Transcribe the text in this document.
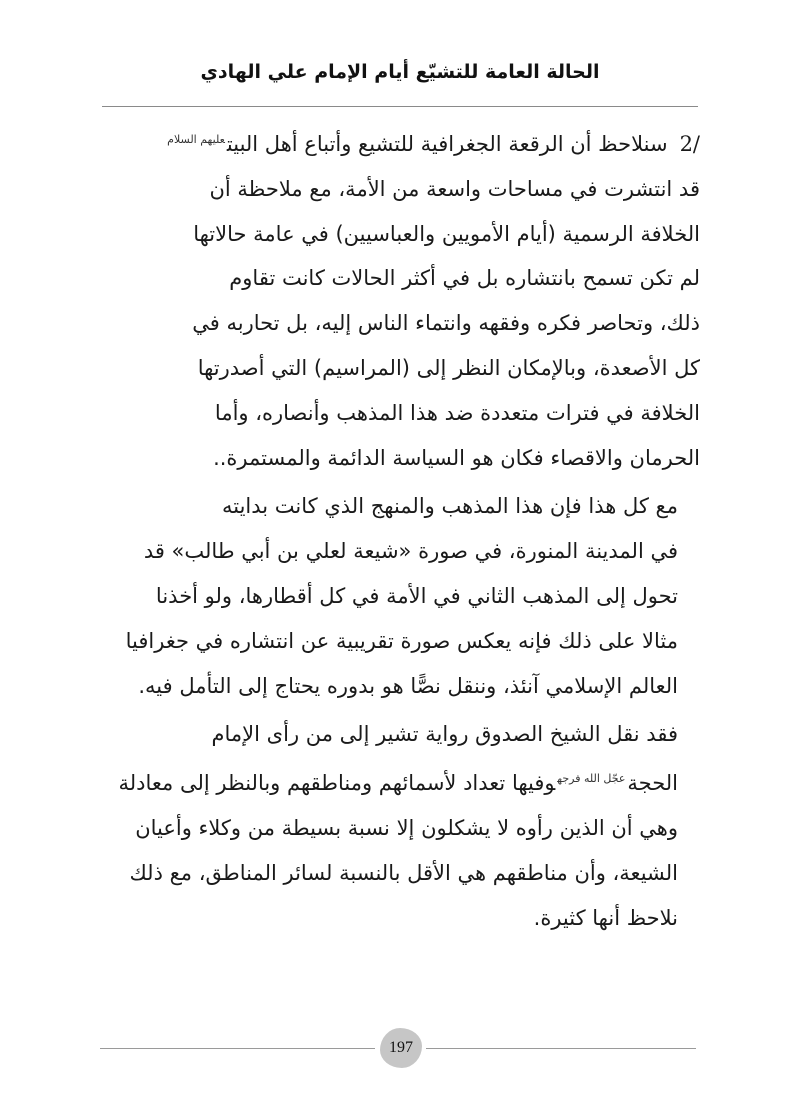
الحالة العامة للتشيّع أيام الإمام علي الهادي

2/سنلاحظ أن الرقعة الجغرافية للتشيع وأتباع أهل البيت$^{عليهم السلام}$
قد انتشرت في مساحات واسعة من الأمة، مع ملاحظة أن
الخلافة الرسمية (أيام الأمويين والعباسيين) في عامة حالاتها
لم تكن تسمح بانتشاره بل في أكثر الحالات كانت تقاوم
ذلك، وتحاصر فكره وفقهه وانتماء الناس إليه، بل تحاربه في
كل الأصعدة، وبالإمكان النظر إلى (المراسيم) التي أصدرتها
الخلافة في فترات متعددة ضد هذا المذهب وأنصاره، وأما
الحرمان والاقصاء فكان هو السياسة الدائمة والمستمرة..

مع كل هذا فإن هذا المذهب والمنهج الذي كانت بدايته
في المدينة المنورة، في صورة «شيعة لعلي بن أبي طالب» قد
تحول إلى المذهب الثاني في الأمة في كل أقطارها، ولو أخذنا
مثالا على ذلك فإنه يعكس صورة تقريبية عن انتشاره في جغرافيا
العالم الإسلامي آنئذ، وننقل نصًّا هو بدوره يحتاج إلى التأمل فيه.

فقد نقل الشيخ الصدوق رواية تشير إلى من رأى الإمام
الحجة$^{عجّل الله فرجه}$وفيها تعداد لأسمائهم ومناطقهم وبالنظر إلى معادلة
وهي أن الذين رأوه لا يشكلون إلا نسبة بسيطة من وكلاء وأعيان
الشيعة، وأن مناطقهم هي الأقل بالنسبة لسائر المناطق، مع ذلك
نلاحظ أنها كثيرة.

197
